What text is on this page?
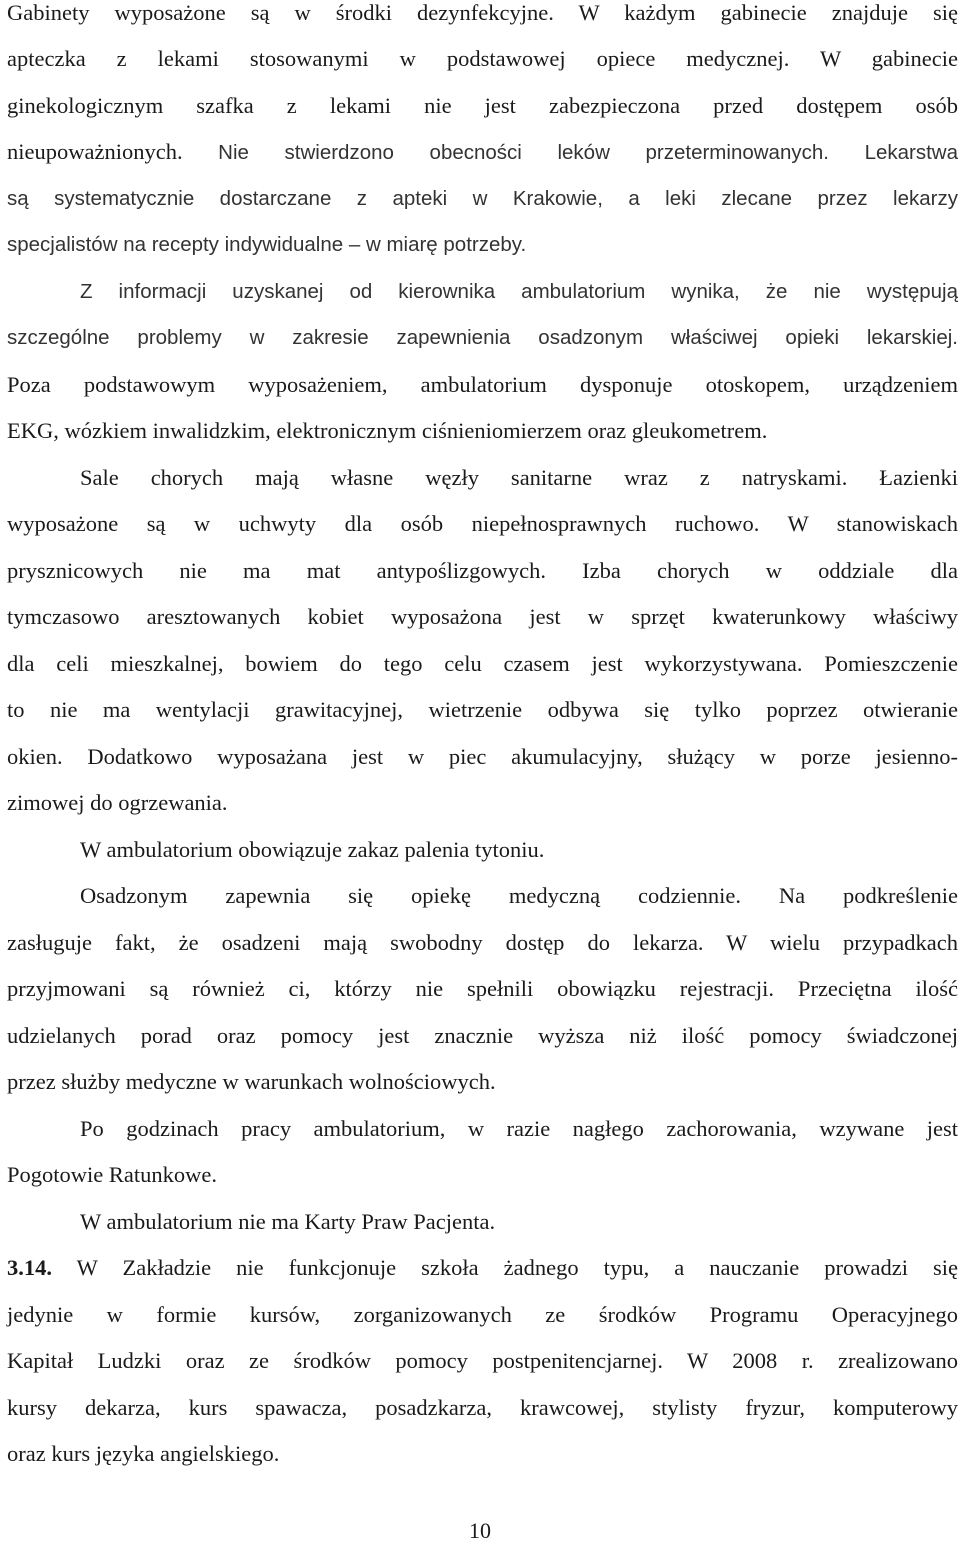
Gabinety wyposażone są w środki dezynfekcyjne. W każdym gabinecie znajduje się
apteczka z lekami stosowanymi w podstawowej opiece medycznej. W gabinecie
ginekologicznym szafka z lekami nie jest zabezpieczona przed dostępem osób
nieupoważnionych. Nie stwierdzono obecności leków przeterminowanych. Lekarstwa
są systematycznie dostarczane z apteki w Krakowie, a leki zlecane przez lekarzy
specjalistów na recepty indywidualne – w miarę potrzeby.
Z informacji uzyskanej od kierownika ambulatorium wynika, że nie występują
szczególne problemy w zakresie zapewnienia osadzonym właściwej opieki lekarskiej.
Poza podstawowym wyposażeniem, ambulatorium dysponuje otoskopem, urządzeniem
EKG, wózkiem inwalidzkim, elektronicznym ciśnieniomierzem oraz gleukometrem.
Sale chorych mają własne węzły sanitarne wraz z natryskami. Łazienki
wyposażone są w uchwyty dla osób niepełnosprawnych ruchowo. W stanowiskach
prysznicowych nie ma mat antypoślizgowych. Izba chorych w oddziale dla
tymczasowo aresztowanych kobiet wyposażona jest w sprzęt kwaterunkowy właściwy
dla celi mieszkalnej, bowiem do tego celu czasem jest wykorzystywana. Pomieszczenie
to nie ma wentylacji grawitacyjnej, wietrzenie odbywa się tylko poprzez otwieranie
okien. Dodatkowo wyposażana jest w piec akumulacyjny, służący w porze jesienno-
zimowej do ogrzewania.
W ambulatorium obowiązuje zakaz palenia tytoniu.
Osadzonym zapewnia się opiekę medyczną codziennie. Na podkreślenie
zasługuje fakt, że osadzeni mają swobodny dostęp do lekarza. W wielu przypadkach
przyjmowani są również ci, którzy nie spełnili obowiązku rejestracji. Przeciętna ilość
udzielanych porad oraz pomocy jest znacznie wyższa niż ilość pomocy świadczonej
przez służby medyczne w warunkach wolnościowych.
Po godzinach pracy ambulatorium, w razie nagłego zachorowania, wzywane jest
Pogotowie Ratunkowe.
W ambulatorium nie ma Karty Praw Pacjenta.
3.14. W Zakładzie nie funkcjonuje szkoła żadnego typu, a nauczanie prowadzi się
jedynie w formie kursów, zorganizowanych ze środków Programu Operacyjnego
Kapitał Ludzki oraz ze środków pomocy postpenitencjarnej. W 2008 r. zrealizowano
kursy dekarza, kurs spawacza, posadzkarza, krawcowej, stylisty fryzur, komputerowy
oraz kurs języka angielskiego.
10
